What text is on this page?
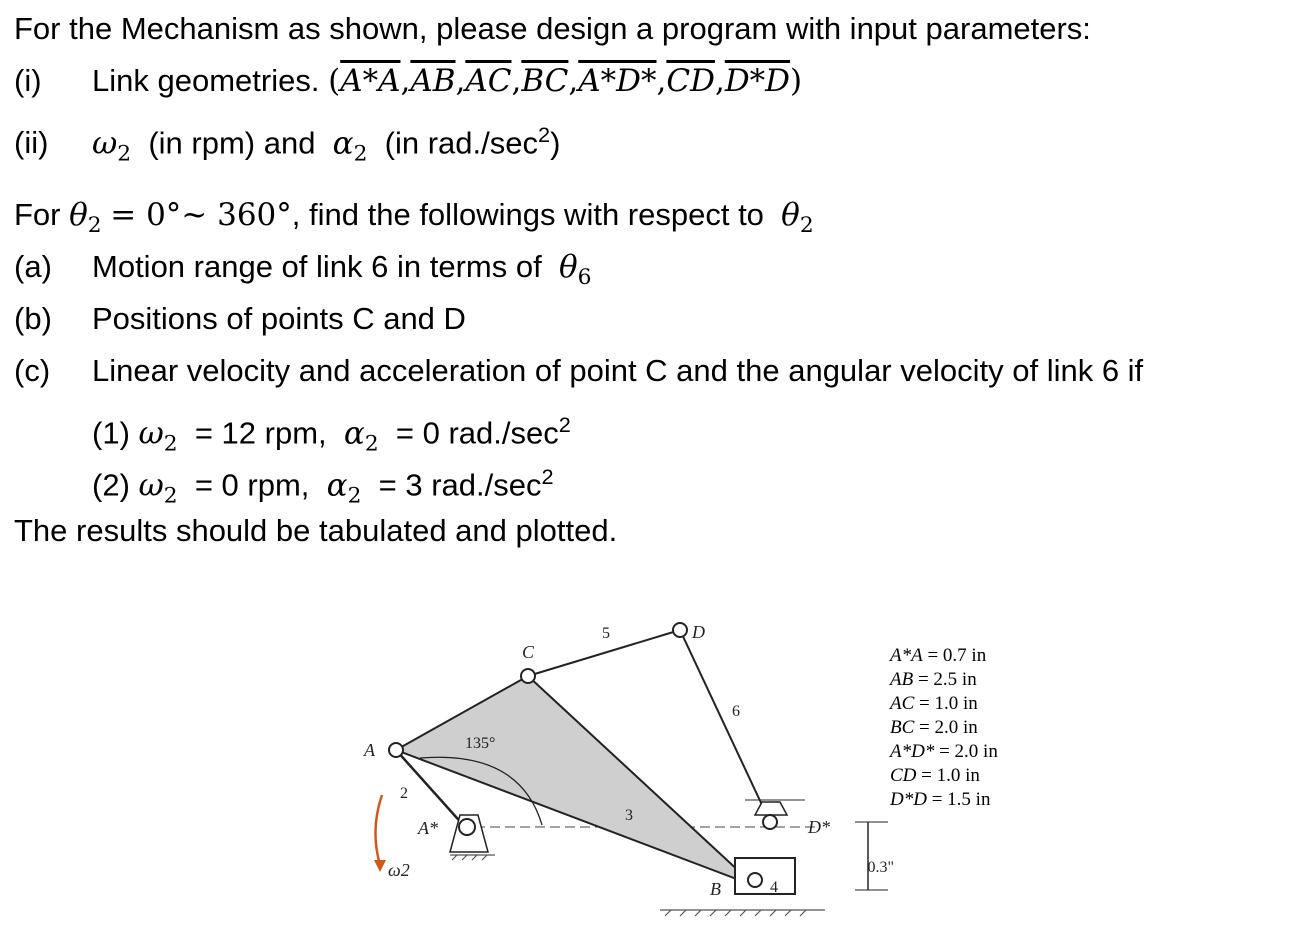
For the Mechanism as shown, please design a program with input parameters:
(i) Link geometries. $(A*A,\overline{AB},\overline{AC},\overline{BC},A*D*,\overline{CD},D*D)$
(ii) $\omega_2$ (in rpm) and $\alpha_2$ (in $rad./\sec^2$)
For $\theta_2$ = 0°~ 360°, find the followings with respect to $\theta_2$
(a) Motion range of link 6 in terms of $\theta_6$
(b) Positions of points C and D
(c) Linear velocity and acceleration of point C and the angular velocity of link 6 if
(1) $\omega_2 = 12$ rpm, $\alpha_2 = 0$ $rad./\sec^2$
(2) $\omega_2 = 0$ rpm, $\alpha_2 = 3$ $rad./\sec^2$
The results should be tabulated and plotted.
A
B
C
D
A*	D*
ω2
135°
2
3
4
5
6
0.3"
A*A = 0.7 in
AB = 2.5 in
AC = 1.0 in
BC = 2.0 in
A*D* = 2.0 in
CD = 1.0 in
D*D = 1.5 in
